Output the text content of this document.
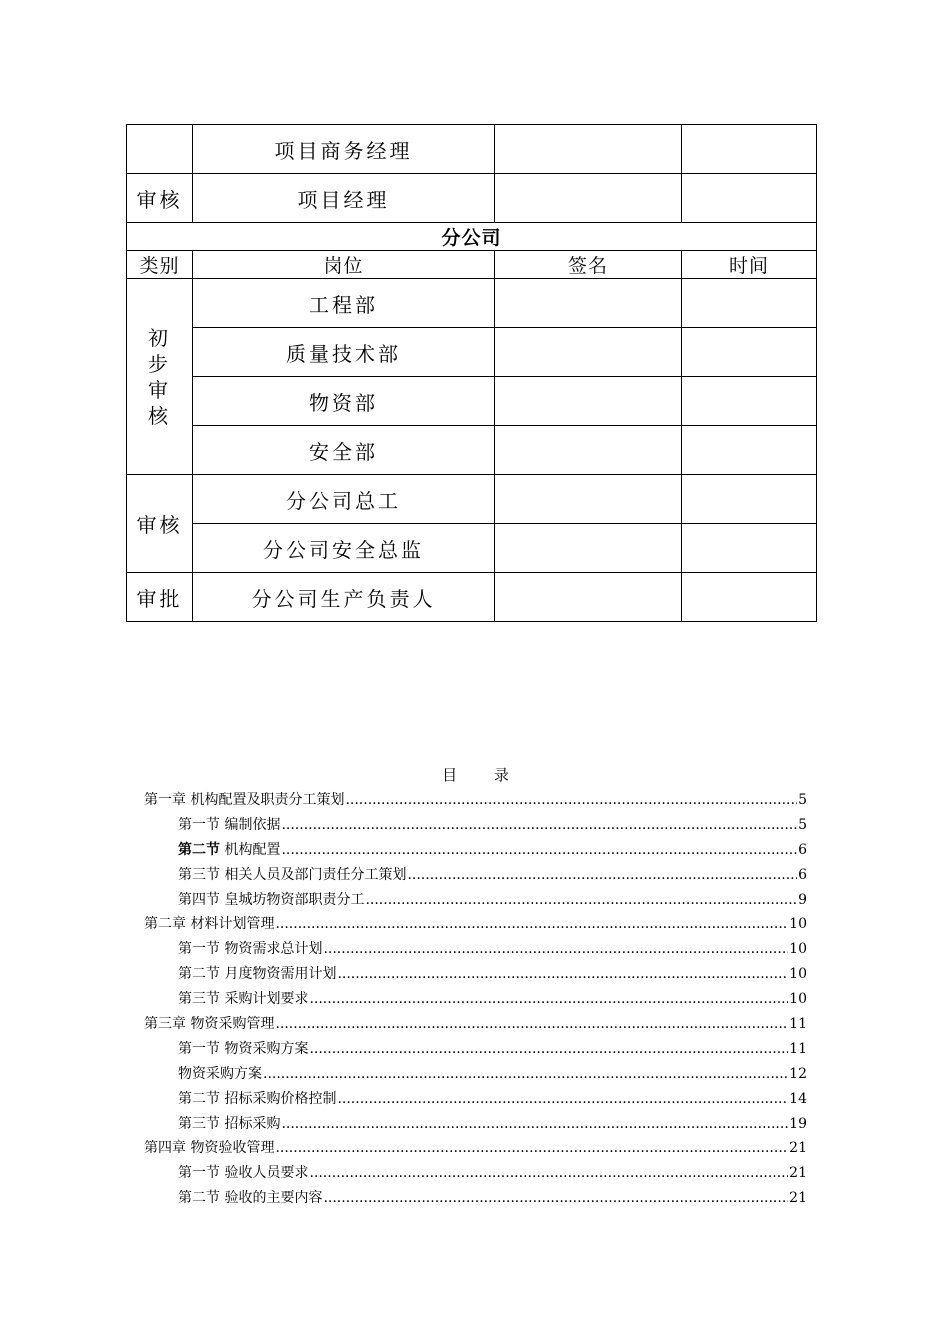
	项目商务经理		
审核	项目经理		
分公司			
类别	岗位	签名	时间
初步审核	工程部		
	质量技术部		
	物资部		
	安全部		
审核	分公司总工		
	分公司安全总监		
审批	分公司生产负责人		
目 录
第一章 机构配置及职责分工策划 .....	5
第一节 编制依据 .....	5
第二节 机构配置 .....	6
第三节 相关人员及部门责任分工策划 .....	6
第四节 皇城坊物资部职责分工 .....	9
第二章 材料计划管理 .....	10
第一节 物资需求总计划 .....	10
第二节 月度物资需用计划 .....	10
第三节 采购计划要求 .....	10
第三章 物资采购管理 .....	11
第一节 物资采购方案 .....	11
物资采购方案 .....	12
第二节 招标采购价格控制 .....	14
第三节 招标采购 .....	19
第四章 物资验收管理 .....	21
第一节 验收人员要求 .....	21
第二节 验收的主要内容 .....	21
